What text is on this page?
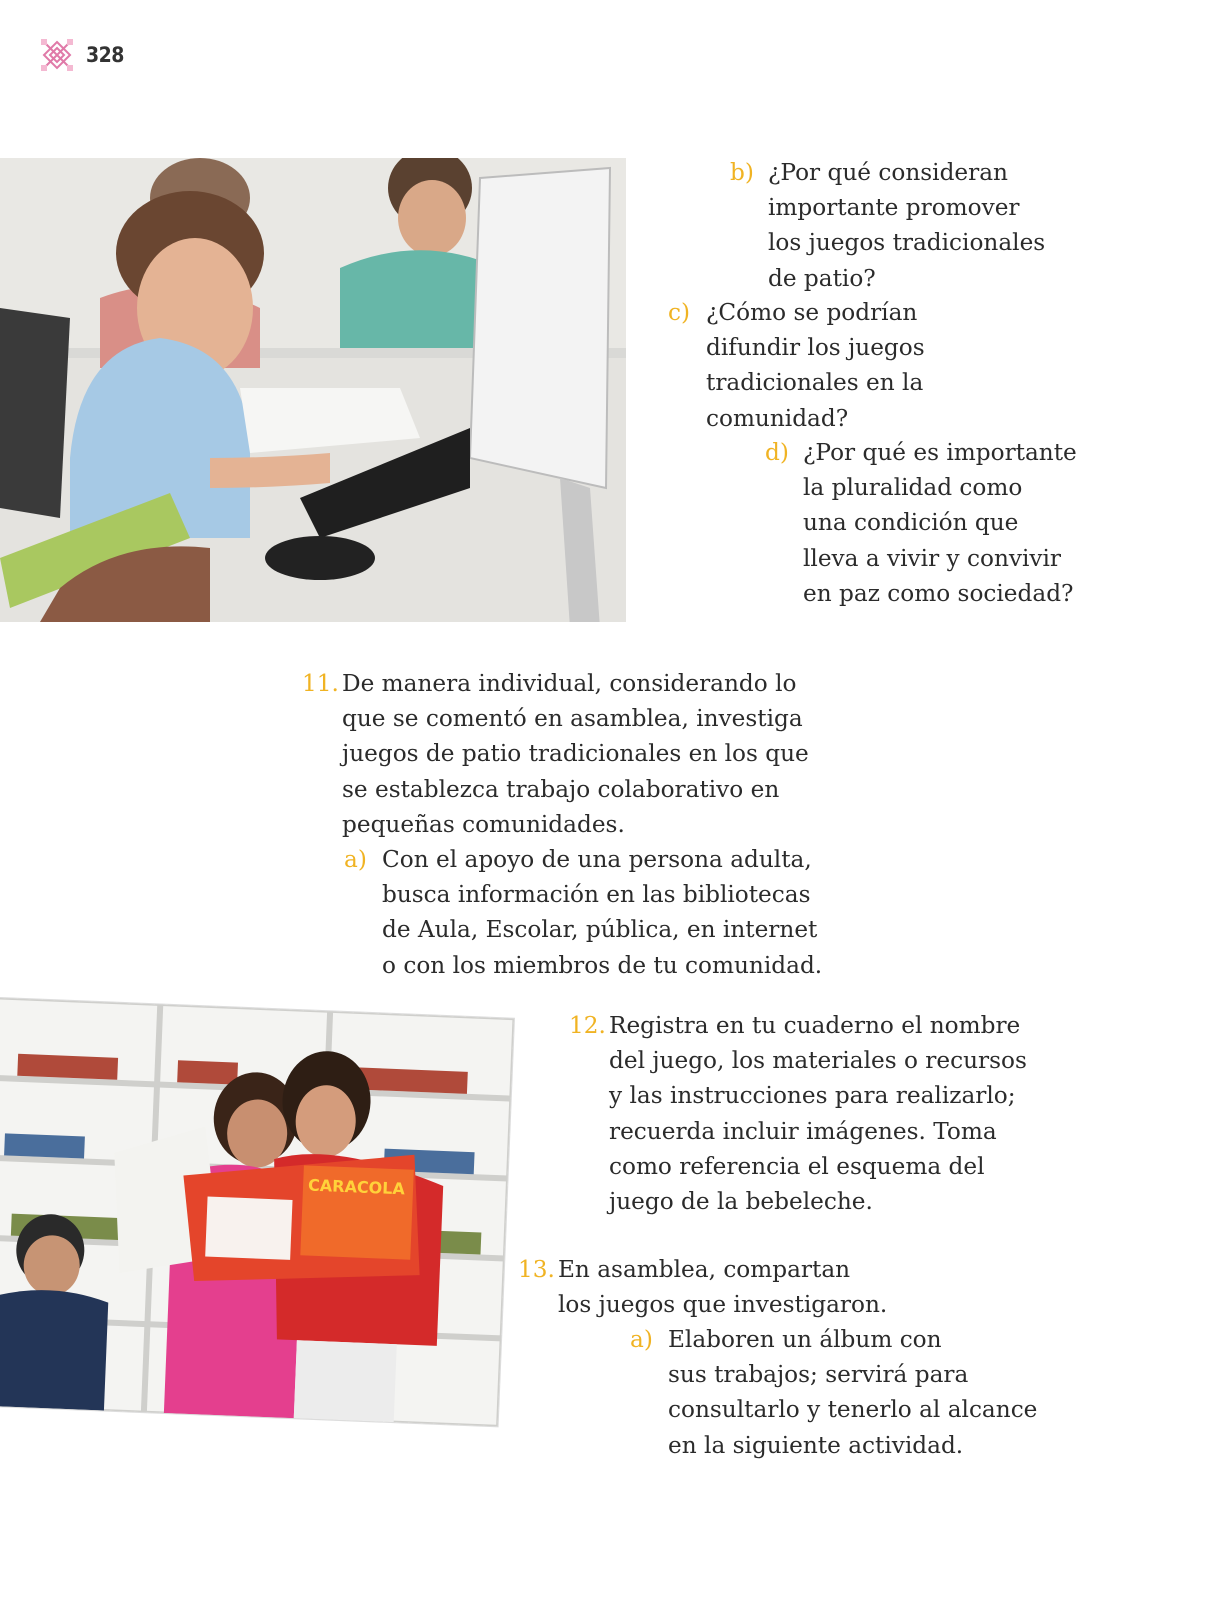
328
b) ¿Por qué consideran
importante promover
los juegos tradicionales
de patio?
c) ¿Cómo se podrían
difundir los juegos
tradicionales en la
comunidad?
d) ¿Por qué es importante
la pluralidad como
una condición que
lleva a vivir y convivir
en paz como sociedad?
11. De manera individual, considerando lo
que se comentó en asamblea, investiga
juegos de patio tradicionales en los que
se establezca trabajo colaborativo en
pequeñas comunidades.
a) Con el apoyo de una persona adulta,
busca información en las bibliotecas
de Aula, Escolar, pública, en internet
o con los miembros de tu comunidad.
CARACOLA
12. Registra en tu cuaderno el nombre
del juego, los materiales o recursos
y las instrucciones para realizarlo;
recuerda incluir imágenes. Toma
como referencia el esquema del
juego de la bebeleche.
13. En asamblea, compartan
los juegos que investigaron.
a) Elaboren un álbum con
sus trabajos; servirá para
consultarlo y tenerlo al alcance
en la siguiente actividad.
